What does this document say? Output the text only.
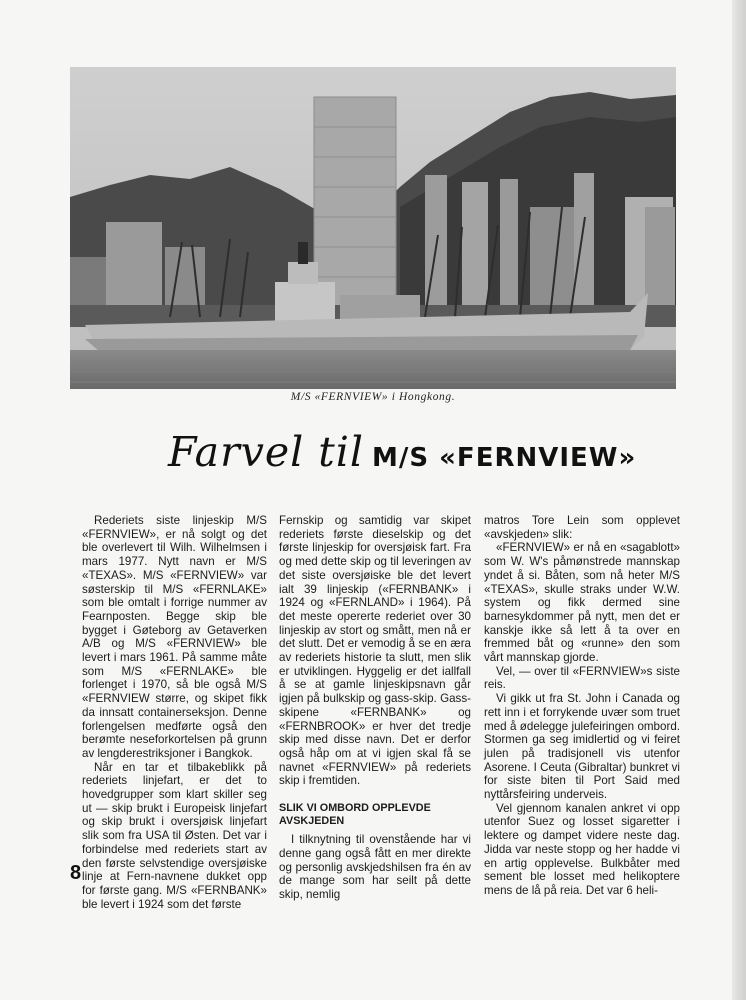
M/S «FERNVIEW» i Hongkong.
Farvel til M/S «FERNVIEW»

Rederiets siste linjeskip M/S «FERNVIEW», er nå solgt og det ble overlevert til Wilh. Wilhelmsen i mars 1977. Nytt navn er M/S «TEXAS». M/S «FERNVIEW» var søsterskip til M/S «FERNLAKE» som ble omtalt i forrige nummer av Fearnposten. Begge skip ble bygget i Gøteborg av Getaverken A/B og M/S «FERNVIEW» ble levert i mars 1961. På samme måte som M/S «FERNLAKE» ble forlenget i 1970, så ble også M/S «FERNVIEW større, og skipet fikk da innsatt containerseksjon. Denne forlengelsen medførte også den berømte neseforkortelsen på grunn av lengderestriksjoner i Bangkok.

Når en tar et tilbakeblikk på rederiets linjefart, er det to hovedgrupper som klart skiller seg ut — skip brukt i Europeisk linjefart og skip brukt i oversjøisk linjefart slik som fra USA til Østen. Det var i forbindelse med rederiets start av den første selvstendige oversjøiske linje at Fern-navnene dukket opp for første gang. M/S «FERNBANK» ble levert i 1924 som det første

Fernskip og samtidig var skipet rederiets første dieselskip og det første linjeskip for oversjøisk fart. Fra og med dette skip og til leveringen av det siste oversjøiske ble det levert ialt 39 linjeskip («FERNBANK» i 1924 og «FERNLAND» i 1964). På det meste opererte rederiet over 30 linjeskip av stort og smått, men nå er det slutt. Det er vemodig å se en æra av rederiets historie ta slutt, men slik er utviklingen. Hyggelig er det iallfall å se at gamle linjeskipsnavn går igjen på bulkskip og gass-skip. Gass-skipene «FERNBANK» og «FERNBROOK» er hver det tredje skip med disse navn. Det er derfor også håp om at vi igjen skal få se navnet «FERNVIEW» på rederiets skip i fremtiden.

SLIK VI OMBORD OPPLEVDE AVSKJEDEN

I tilknytning til ovenstående har vi denne gang også fått en mer direkte og personlig avskjedshilsen fra én av de mange som har seilt på dette skip, nemlig

matros Tore Lein som opplevet «avskjeden» slik:

«FERNVIEW» er nå en «sagablott» som W. W's påmønstrede mannskap yndet å si. Båten, som nå heter M/S «TEXAS», skulle straks under W.W. system og fikk dermed sine barnesykdommer på nytt, men det er kanskje ikke så lett å ta over en fremmed båt og «runne» den som vårt mannskap gjorde.

Vel, — over til «FERNVIEW»s siste reis.

Vi gikk ut fra St. John i Canada og rett inn i et forrykende uvær som truet med å ødelegge julefeiringen ombord. Stormen ga seg imidlertid og vi feiret julen på tradisjonell vis utenfor Asorene. I Ceuta (Gibraltar) bunkret vi for siste biten til Port Said med nyttårsfeiring underveis.

Vel gjennom kanalen ankret vi opp utenfor Suez og losset sigaretter i lektere og dampet videre neste dag. Jidda var neste stopp og her hadde vi en artig opplevelse. Bulkbåter med sement ble losset med helikoptere mens de lå på reia. Det var 6 heli-

8
